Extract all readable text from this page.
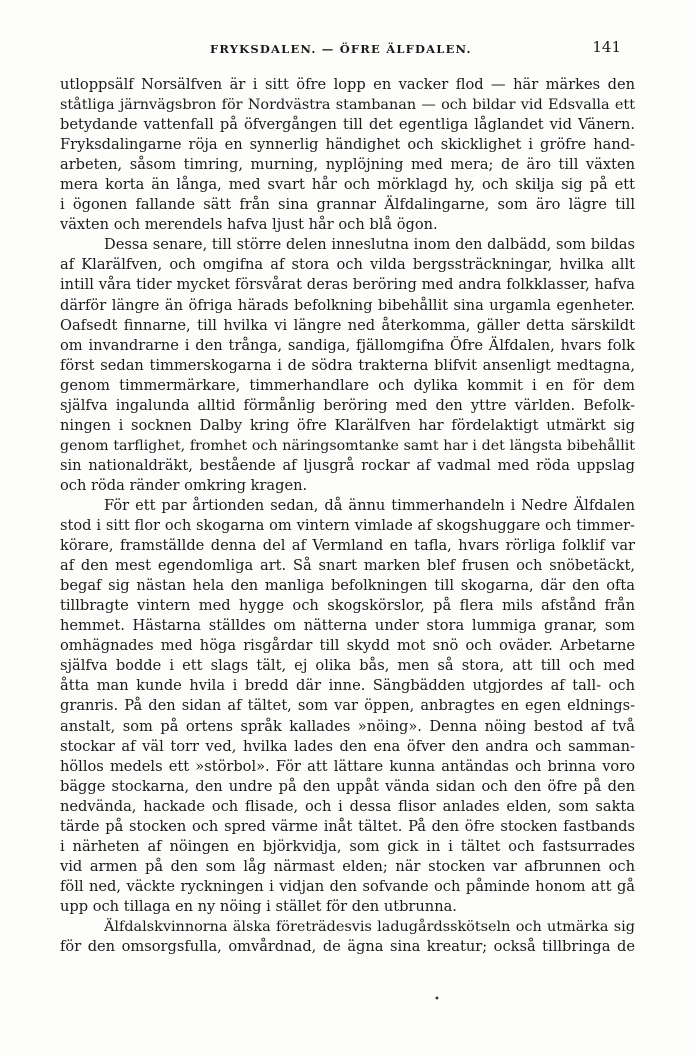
FRYKSDALEN. — ÖFRE ÄLFDALEN.	141
utloppsälf Norsälfven är i sitt öfre lopp en vacker flod — här märkes den
ståtliga järnvägsbron för Nordvästra stambanan — och bildar vid Edsvalla ett
betydande vattenfall på öfvergången till det egentliga låglandet vid Vänern.
Fryksdalingarne röja en synnerlig händighet och skicklighet i gröfre hand-
arbeten, såsom timring, murning, nyplöjning med mera; de äro till växten
mera korta än långa, med svart hår och mörklagd hy, och skilja sig på ett
i ögonen fallande sätt från sina grannar Älfdalingarne, som äro lägre till
växten och merendels hafva ljust hår och blå ögon.
Dessa senare, till större delen inneslutna inom den dalbädd, som bildas
af Klarälfven, och omgifna af stora och vilda bergssträckningar, hvilka allt
intill våra tider mycket försvårat deras beröring med andra folkklasser, hafva
därför längre än öfriga härads befolkning bibehållit sina urgamla egenheter.
Oafsedt finnarne, till hvilka vi längre ned återkomma, gäller detta särskildt
om invandrarne i den trånga, sandiga, fjällomgifna Öfre Älfdalen, hvars folk
först sedan timmerskogarna i de södra trakterna blifvit ansenligt medtagna,
genom timmermärkare, timmerhandlare och dylika kommit i en för dem
själfva ingalunda alltid förmånlig beröring med den yttre världen. Befolk-
ningen i socknen Dalby kring öfre Klarälfven har fördelaktigt utmärkt sig
genom tarflighet, fromhet och näringsomtanke samt har i det längsta bibehållit
sin nationaldräkt, bestående af ljusgrå rockar af vadmal med röda uppslag
och röda ränder omkring kragen.
För ett par årtionden sedan, då ännu timmerhandeln i Nedre Älfdalen
stod i sitt flor och skogarna om vintern vimlade af skogshuggare och timmer-
körare, framställde denna del af Vermland en tafla, hvars rörliga folklif var
af den mest egendomliga art. Så snart marken blef frusen och snöbetäckt,
begaf sig nästan hela den manliga befolkningen till skogarna, där den ofta
tillbragte vintern med hygge och skogskörslor, på flera mils afstånd från
hemmet. Hästarna ställdes om nätterna under stora lummiga granar, som
omhägnades med höga risgårdar till skydd mot snö och oväder. Arbetarne
själfva bodde i ett slags tält, ej olika bås, men så stora, att till och med
åtta man kunde hvila i bredd där inne. Sängbädden utgjordes af tall- och
granris. På den sidan af tältet, som var öppen, anbragtes en egen eldnings-
anstalt, som på ortens språk kallades »nöing». Denna nöing bestod af två
stockar af väl torr ved, hvilka lades den ena öfver den andra och samman-
höllos medels ett »störbol». För att lättare kunna antändas och brinna voro
bägge stockarna, den undre på den uppåt vända sidan och den öfre på den
nedvända, hackade och flisade, och i dessa flisor anlades elden, som sakta
tärde på stocken och spred värme inåt tältet. På den öfre stocken fastbands
i närheten af nöingen en björkvidja, som gick in i tältet och fastsurrades
vid armen på den som låg närmast elden; när stocken var afbrunnen och
föll ned, väckte ryckningen i vidjan den sofvande och påminde honom att gå
upp och tillaga en ny nöing i stället för den utbrunna.
Älfdalskvinnorna älska företrädesvis ladugårdsskötseln och utmärka sig
för den omsorgsfulla, omvårdnad, de ägna sina kreatur; också tillbringa de
•
